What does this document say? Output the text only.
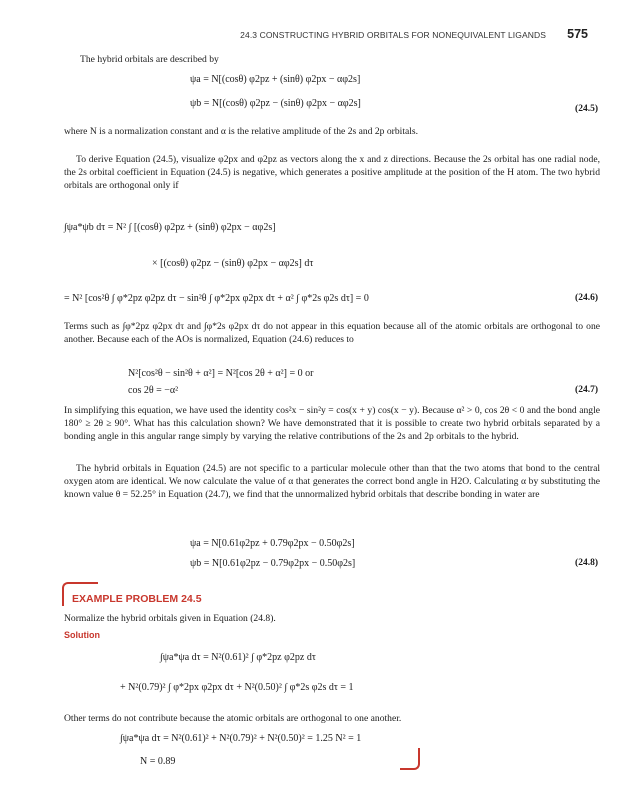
24.3 CONSTRUCTING HYBRID ORBITALS FOR NONEQUIVALENT LIGANDS 575
The hybrid orbitals are described by
ψa = N[(cosθ) φ2pz + (sinθ) φ2px − αφ2s]
ψb = N[(cosθ) φ2pz − (sinθ) φ2px − αφ2s]	(24.5)
where N is a normalization constant and α is the relative amplitude of the 2s and 2p orbitals.
To derive Equation (24.5), visualize φ2px and φ2pz as vectors along the x and z directions. Because the 2s orbital has one radial node, the 2s orbital coefficient in Equation (24.5) is negative, which generates a positive amplitude at the position of the H atom. The two hybrid orbitals are orthogonal only if
∫ψa*ψb dτ = N² ∫ [(cosθ) φ2pz + (sinθ) φ2px − αφ2s]
× [(cosθ) φ2pz − (sinθ) φ2px − αφ2s] dτ
= N² [cos²θ ∫ φ*2pz φ2pz dτ − sin²θ ∫ φ*2px φ2px dτ + α² ∫ φ*2s φ2s dτ] = 0	(24.6)
Terms such as ∫φ*2pz φ2px dτ and ∫φ*2s φ2px dτ do not appear in this equation because all of the atomic orbitals are orthogonal to one another. Because each of the AOs is normalized, Equation (24.6) reduces to
N²[cos²θ − sin²θ + α²] = N²[cos 2θ + α²] = 0 or
cos 2θ = −α²	(24.7)
In simplifying this equation, we have used the identity cos²x − sin²y = cos(x + y) cos(x − y). Because α² > 0, cos 2θ < 0 and the bond angle 180° ≥ 2θ ≥ 90°. What has this calculation shown? We have demonstrated that it is possible to create two hybrid orbitals separated by a bonding angle in this angular range simply by varying the relative contributions of the 2s and 2p orbitals to the hybrid.
The hybrid orbitals in Equation (24.5) are not specific to a particular molecule other than that the two atoms that bond to the central oxygen atom are identical. We now calculate the value of α that generates the correct bond angle in H2O. Calculating α by substituting the known value θ = 52.25° in Equation (24.7), we find that the unnormalized hybrid orbitals that describe bonding in water are
ψa = N[0.61φ2pz + 0.79φ2px − 0.50φ2s]
ψb = N[0.61φ2pz − 0.79φ2px − 0.50φ2s]	(24.8)
EXAMPLE PROBLEM 24.5
Normalize the hybrid orbitals given in Equation (24.8).
Solution
∫ψa*ψa dτ = N²(0.61)² ∫ φ*2pz φ2pz dτ
+ N²(0.79)² ∫ φ*2px φ2px dτ + N²(0.50)² ∫ φ*2s φ2s dτ = 1
Other terms do not contribute because the atomic orbitals are orthogonal to one another.
∫ψa*ψa dτ = N²(0.61)² + N²(0.79)² + N²(0.50)² = 1.25 N² = 1
N = 0.89
